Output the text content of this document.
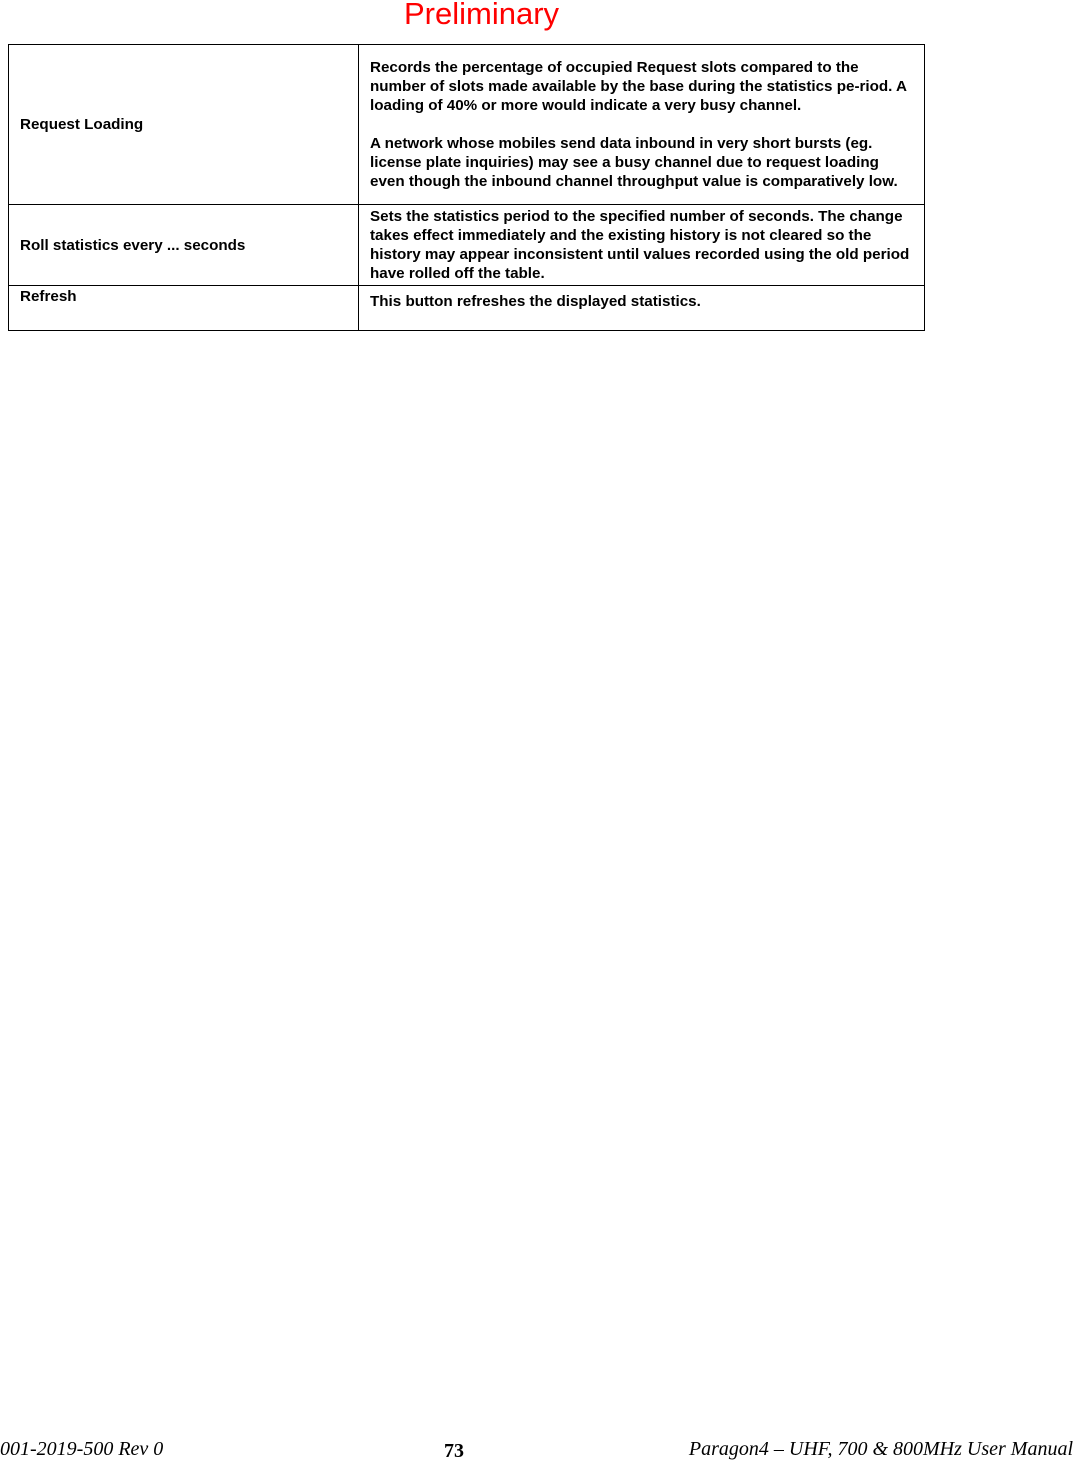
Preliminary
Request Loading	Records the percentage of occupied Request slots compared to the number of slots made available by the base during the statistics pe-riod. A loading of 40% or more would indicate a very busy channel.

A network whose mobiles send data inbound in very short bursts (eg. license plate inquiries) may see a busy channel due to request loading even though the inbound channel throughput value is comparatively low.

Roll statistics every ... seconds	Sets the statistics period to the specified number of seconds. The change takes effect immediately and the existing history is not cleared so the history may appear inconsistent until values recorded using the old period have rolled off the table.

Refresh	This button refreshes the displayed statistics.

001-2019-500 Rev 0	73	Paragon4 – UHF, 700 & 800MHz User Manual
